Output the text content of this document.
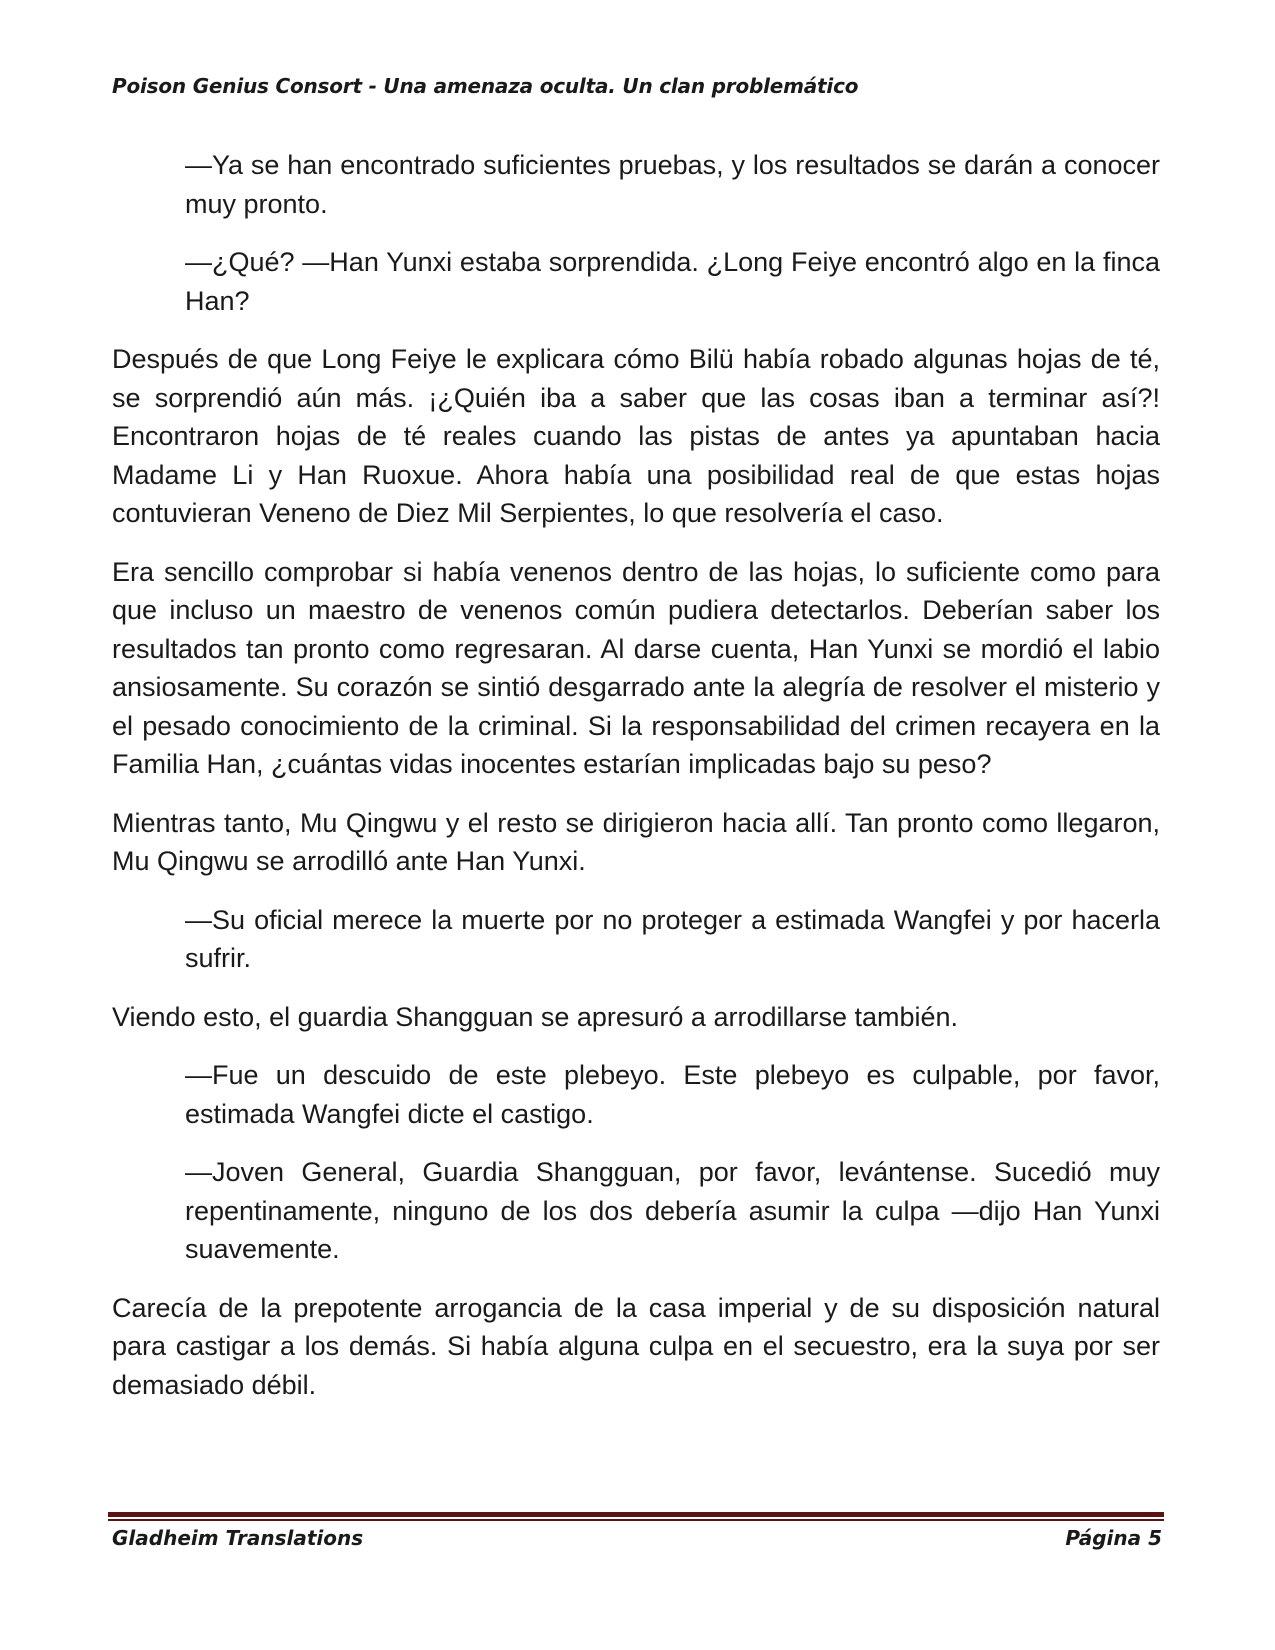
Poison Genius Consort - Una amenaza oculta. Un clan problemático

—Ya se han encontrado suficientes pruebas, y los resultados se darán a conocer muy pronto.

—¿Qué? —Han Yunxi estaba sorprendida. ¿Long Feiye encontró algo en la finca Han?

Después de que Long Feiye le explicara cómo Bilü había robado algunas hojas de té, se sorprendió aún más. ¡¿Quién iba a saber que las cosas iban a terminar así?! Encontraron hojas de té reales cuando las pistas de antes ya apuntaban hacia Madame Li y Han Ruoxue. Ahora había una posibilidad real de que estas hojas contuvieran Veneno de Diez Mil Serpientes, lo que resolvería el caso.

Era sencillo comprobar si había venenos dentro de las hojas, lo suficiente como para que incluso un maestro de venenos común pudiera detectarlos. Deberían saber los resultados tan pronto como regresaran. Al darse cuenta, Han Yunxi se mordió el labio ansiosamente. Su corazón se sintió desgarrado ante la alegría de resolver el misterio y el pesado conocimiento de la criminal. Si la responsabilidad del crimen recayera en la Familia Han, ¿cuántas vidas inocentes estarían implicadas bajo su peso?

Mientras tanto, Mu Qingwu y el resto se dirigieron hacia allí. Tan pronto como llegaron, Mu Qingwu se arrodilló ante Han Yunxi.

—Su oficial merece la muerte por no proteger a estimada Wangfei y por hacerla sufrir.

Viendo esto, el guardia Shangguan se apresuró a arrodillarse también.

—Fue un descuido de este plebeyo. Este plebeyo es culpable, por favor, estimada Wangfei dicte el castigo.

—Joven General, Guardia Shangguan, por favor, levántense. Sucedió muy repentinamente, ninguno de los dos debería asumir la culpa —dijo Han Yunxi suavemente.

Carecía de la prepotente arrogancia de la casa imperial y de su disposición natural para castigar a los demás. Si había alguna culpa en el secuestro, era la suya por ser demasiado débil.

Gladheim Translations	Página 5
